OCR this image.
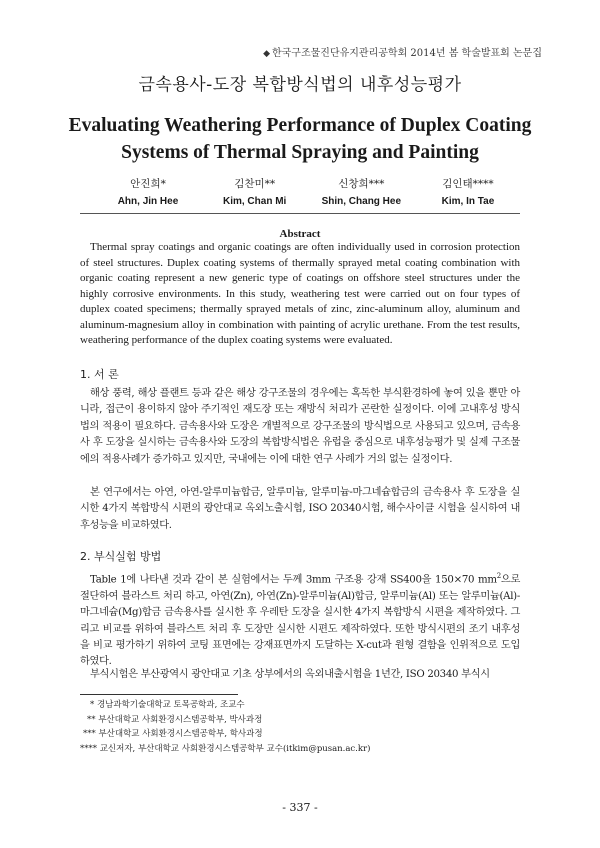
◆ 한국구조물진단유지관리공학회 2014년 봄 학술발표회 논문집
금속용사-도장 복합방식법의 내후성능평가
Evaluating Weathering Performance of Duplex Coating
Systems of Thermal Spraying and Painting
안진희*
Ahn, Jin Hee
김찬미**
Kim, Chan Mi
신창희***
Shin, Chang Hee
김인태****
Kim, In Tae
Abstract

Thermal spray coatings and organic coatings are often individually used in corrosion protection of steel structures. Duplex coating systems of thermally sprayed metal coating combination with organic coating represent a new generic type of coatings on offshore steel structures under the highly corrosive environments. In this study, weathering test were carried out on four types of duplex coated specimens; thermally sprayed metals of zinc, zinc-aluminum alloy, aluminum and aluminum-magnesium alloy in combination with painting of acrylic urethane. From the test results, weathering performance of the duplex coating systems were evaluated.

1. 서 론

해상 풍력, 해상 플랜트 등과 같은 해상 강구조물의 경우에는 혹독한 부식환경하에 놓여 있을 뿐만 아니라, 접근이 용이하지 않아 주기적인 재도장 또는 재방식 처리가 곤란한 실정이다. 이에 고내후성 방식법의 적용이 필요하다. 금속용사와 도장은 개별적으로 강구조물의 방식법으로 사용되고 있으며, 금속용사 후 도장을 실시하는 금속용사와 도장의 복합방식법은 유럽을 중심으로 내후성능평가 및 실제 구조물에의 적용사례가 증가하고 있지만, 국내에는 이에 대한 연구 사례가 거의 없는 실정이다.

본 연구에서는 아연, 아연-알루미늄합금, 알루미늄, 알루미늄-마그네슘합금의 금속용사 후 도장을 실시한 4가지 복합방식 시편의 광안대교 옥외노출시험, ISO 20340시험, 해수사이클 시험을 실시하여 내후성능을 비교하였다.

2. 부식실험 방법

Table 1에 나타낸 것과 같이 본 실험에서는 두께 3mm 구조용 강재 SS400을 150×70 $mm^2$으로 절단하여 블라스트 처리 하고, 아연(Zn), 아연(Zn)-알루미늄(Al)합금, 알루미늄(Al) 또는 알루미늄(Al)-마그네슘(Mg)합금 금속용사를 실시한 후 우레탄 도장을 실시한 4가지 복합방식 시편을 제작하였다. 그리고 비교를 위하여 블라스트 처리 후 도장만 실시한 시편도 제작하였다. 또한 방식시편의 조기 내후성을 비교 평가하기 위하여 코팅 표면에는 강재표면까지 도달하는 X-cut과 원형 결함을 인위적으로 도입하였다.

부식시험은 부산광역시 광안대교 기초 상부에서의 옥외내출시험을 1년간, ISO 20340 부식시

* 경남과학기술대학교 토목공학과, 조교수
** 부산대학교 사회환경시스템공학부, 박사과정
*** 부산대학교 사회환경시스템공학부, 학사과정
**** 교신저자, 부산대학교 사회환경시스템공학부 교수(itkim@pusan.ac.kr)
- 337 -
